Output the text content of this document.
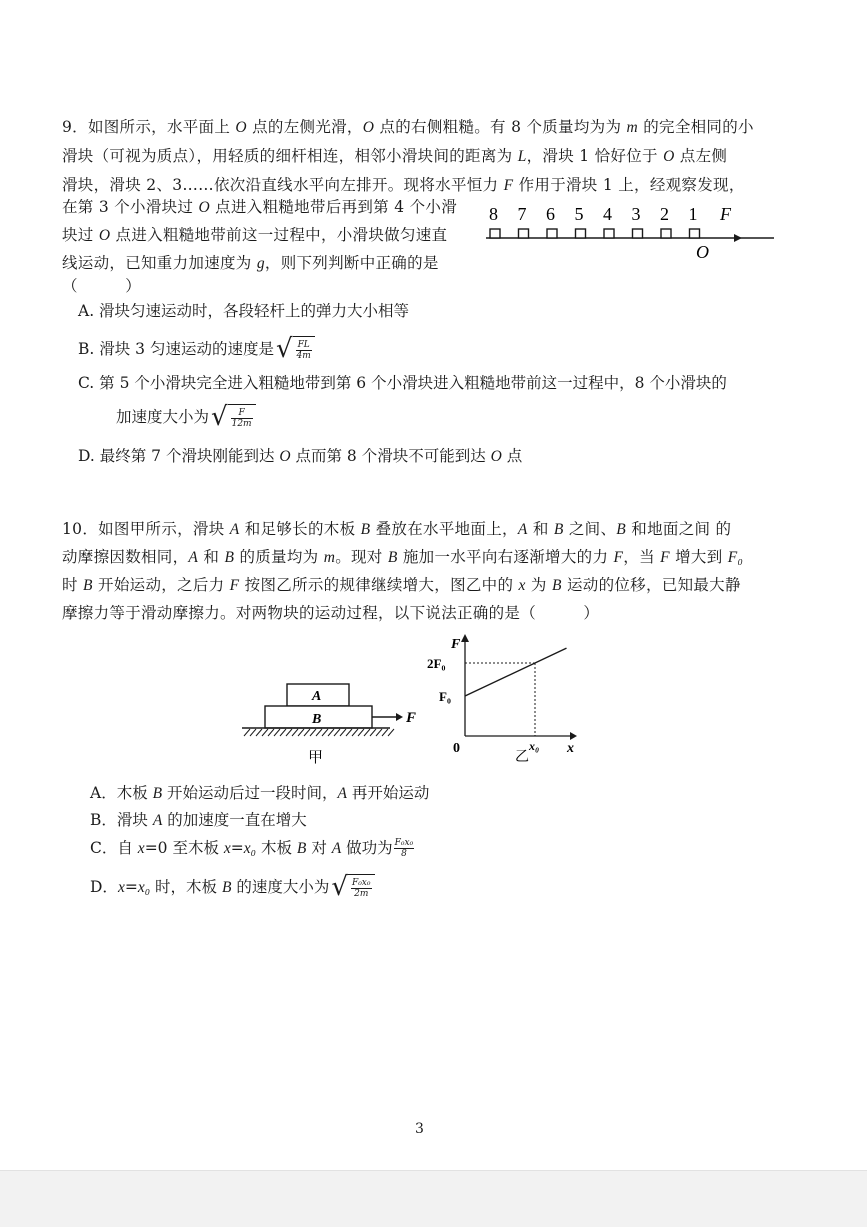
9．如图所示，水平面上 O 点的左侧光滑，O 点的右侧粗糙。有 8 个质量均为为 m 的完全相同的小
滑块（可视为质点），用轻质的细杆相连，相邻小滑块间的距离为 L，滑块 1 恰好位于 O 点左侧
滑块，滑块 2、3……依次沿直线水平向左排开。现将水平恒力 F 作用于滑块 1 上，经观察发现，
在第 3 个小滑块过 O 点进入粗糙地带后再到第 4 个小滑
块过 O 点进入粗糙地带前这一过程中，小滑块做匀速直
线运动，已知重力加速度为 g，则下列判断中正确的是
（　　　）
8 7 6 5 4 3 2 1 F
O
A. 滑块匀速运动时，各段轻杆上的弹力大小相等
B. 滑块 3 匀速运动的速度是 √ $\frac{FL}{4m}$
C. 第 5 个小滑块完全进入粗糙地带到第 6 个小滑块进入粗糙地带前这一过程中，8 个小滑块的
加速度大小为 √ $\frac{F}{12m}$
D. 最终第 7 个滑块刚能到达 O 点而第 8 个滑块不可能到达 O 点
10．如图甲所示，滑块 A 和足够长的木板 B 叠放在水平地面上，A 和 B 之间、B 和地面之间 的
动摩擦因数相同，A 和 B 的质量均为 m。现对 B 施加一水平向右逐渐增大的力 F，当 F 增大到 F₀
时 B 开始运动，之后力 F 按图乙所示的规律继续增大，图乙中的 x 为 B 运动的位移，已知最大静
摩擦力等于滑动摩擦力。对两物块的运动过程，以下说法正确的是（　　　）
A
B	F
甲
F
x
0
2F₀
F₀
x₀
乙
A．木板 B 开始运动后过一段时间，A 再开始运动
B．滑块 A 的加速度一直在增大
C．自 x=0 至木板 x=x₀ 木板 B 对 A 做功为 $\frac{\text{F₀x₀}}{8}$
D．x=x₀ 时，木板 B 的速度大小为 √ $\frac{\text{F₀x₀}}{2m}$
3
